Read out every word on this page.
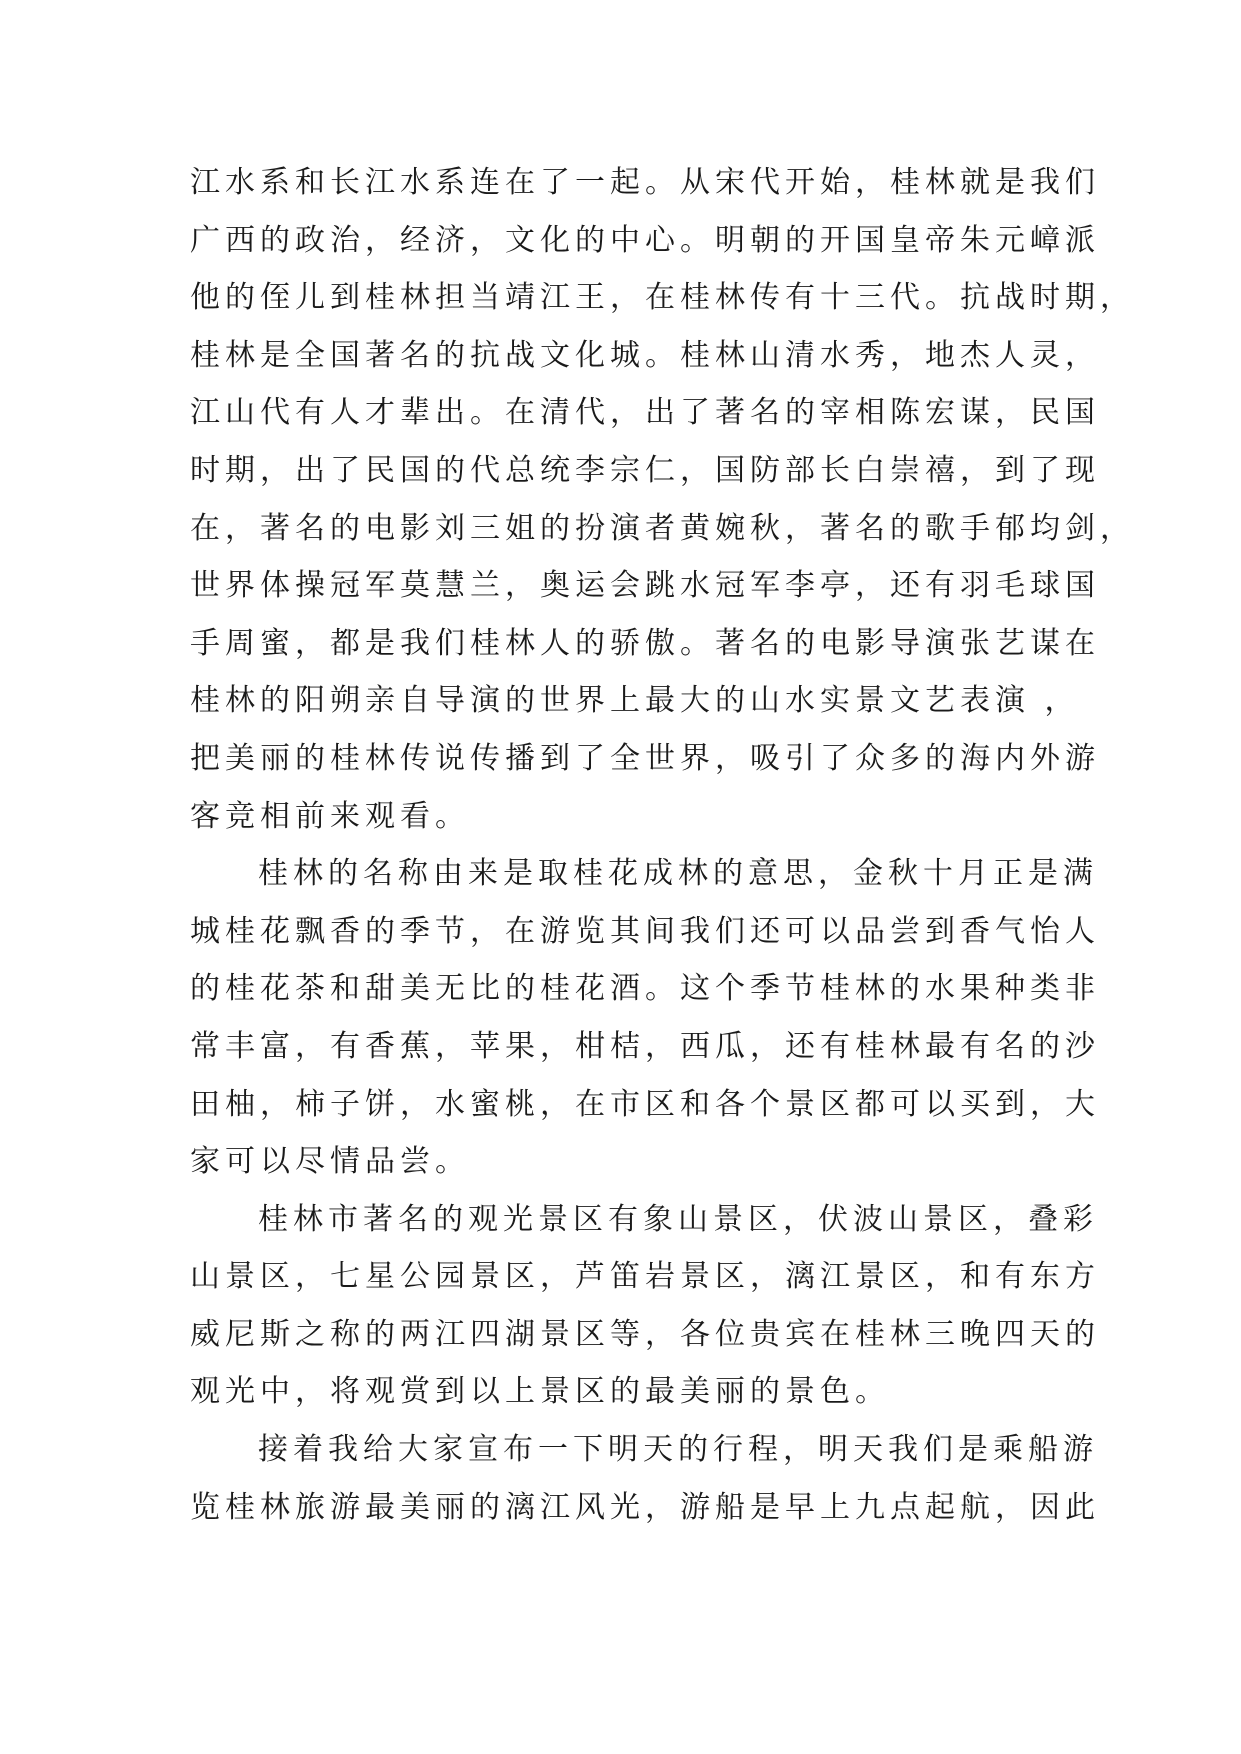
江水系和长江水系连在了一起。从宋代开始，桂林就是我们
广西的政治，经济，文化的中心。明朝的开国皇帝朱元嶂派
他的侄儿到桂林担当靖江王，在桂林传有十三代。抗战时期，
桂林是全国著名的抗战文化城。桂林山清水秀，地杰人灵，
江山代有人才辈出。在清代，出了著名的宰相陈宏谋，民国
时期，出了民国的代总统李宗仁，国防部长白崇禧，到了现
在，著名的电影刘三姐的扮演者黄婉秋，著名的歌手郁均剑，
世界体操冠军莫慧兰，奥运会跳水冠军李亭，还有羽毛球国
手周蜜，都是我们桂林人的骄傲。著名的电影导演张艺谋在
桂林的阳朔亲自导演的世界上最大的山水实景文艺表演 ，
把美丽的桂林传说传播到了全世界，吸引了众多的海内外游
客竞相前来观看。
桂林的名称由来是取桂花成林的意思，金秋十月正是满
城桂花飘香的季节，在游览其间我们还可以品尝到香气怡人
的桂花茶和甜美无比的桂花酒。这个季节桂林的水果种类非
常丰富，有香蕉，苹果，柑桔，西瓜，还有桂林最有名的沙
田柚，柿子饼，水蜜桃，在市区和各个景区都可以买到，大
家可以尽情品尝。
桂林市著名的观光景区有象山景区，伏波山景区，叠彩
山景区，七星公园景区，芦笛岩景区，漓江景区，和有东方
威尼斯之称的两江四湖景区等，各位贵宾在桂林三晚四天的
观光中，将观赏到以上景区的最美丽的景色。
接着我给大家宣布一下明天的行程，明天我们是乘船游
览桂林旅游最美丽的漓江风光，游船是早上九点起航，因此
